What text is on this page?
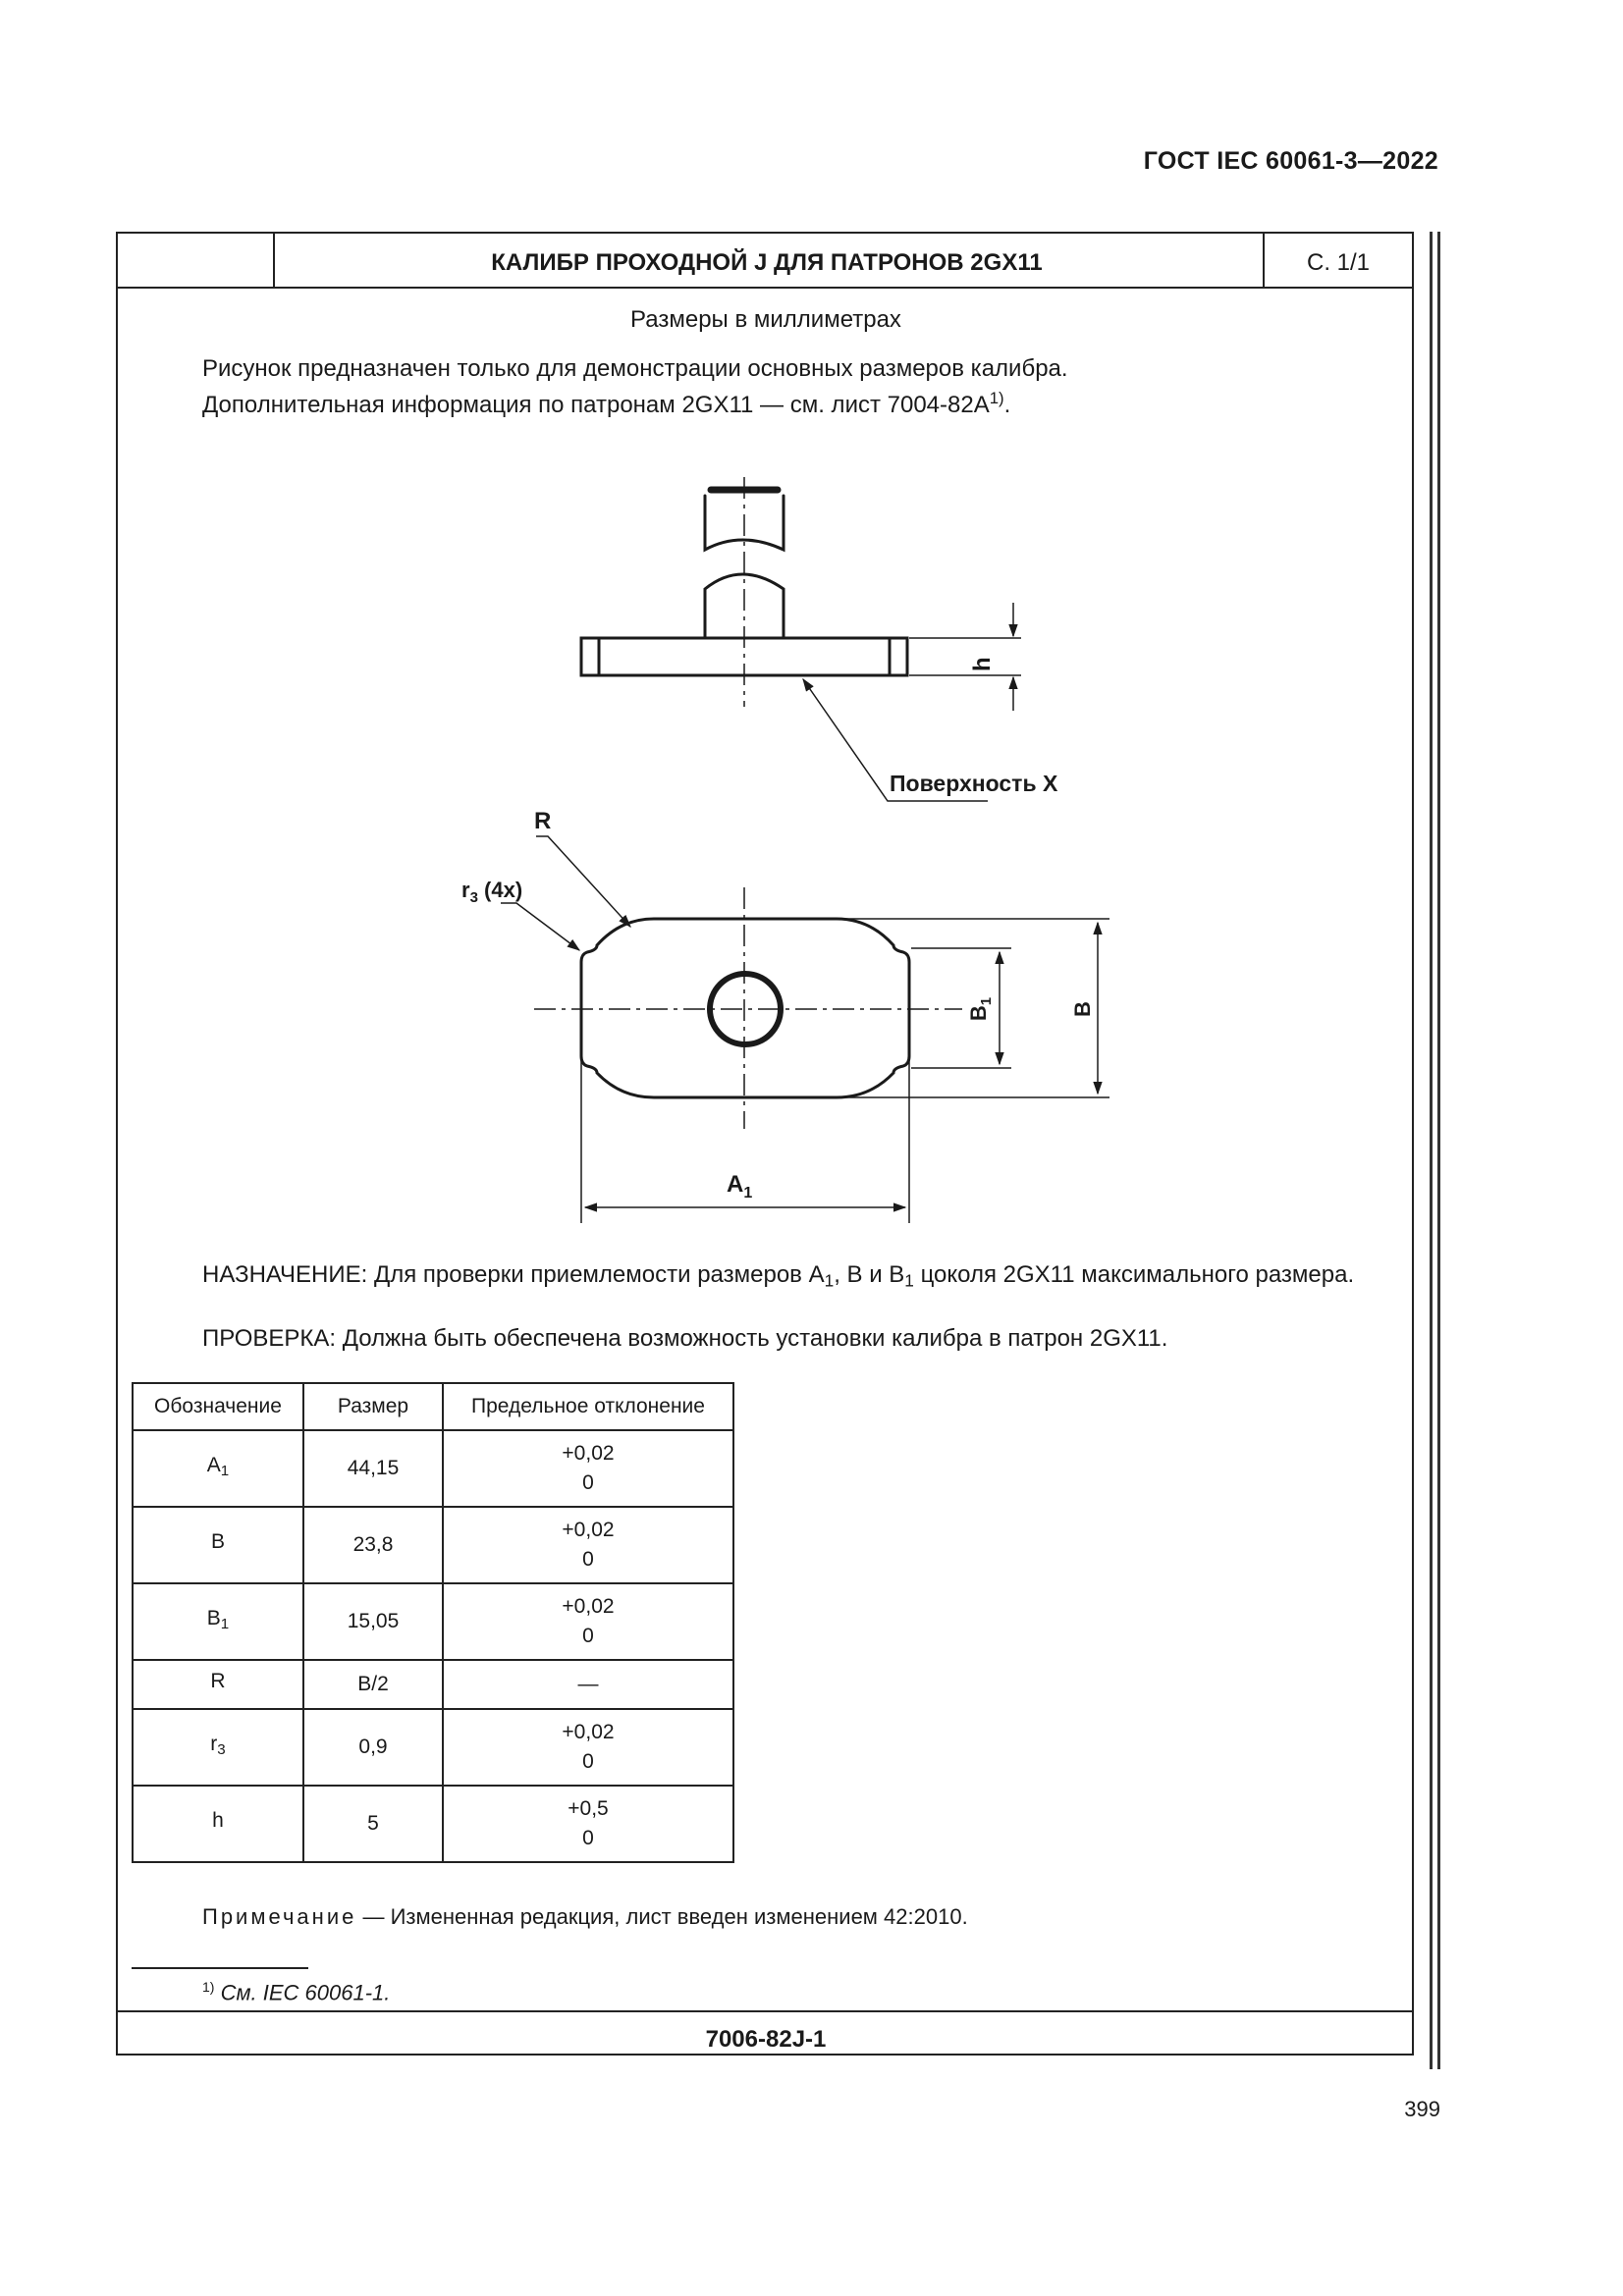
ГОСТ IEC 60061-3—2022
КАЛИБР ПРОХОДНОЙ J ДЛЯ ПАТРОНОВ 2GX11	С. 1/1
Размеры в миллиметрах
Рисунок предназначен только для демонстрации основных размеров калибра.
Дополнительная информация по патронам 2GX11 — см. лист $7004-82A^{1)}$.
h
Поверхность X
R
$r_3$ (4x)
B
$B_1$
$A_1$
НАЗНАЧЕНИЕ: Для проверки приемлемости размеров $A_1$, B и $B_1$ цоколя 2GX11 максимального размера.
ПРОВЕРКА: Должна быть обеспечена возможность установки калибра в патрон 2GX11.
Обозначение	Размер	Предельное отклонение
$A_1$	44,15	+0,02
0

B	23,8	+0,02
0

$B_1$	15,05	+0,02
0

R	B/2	—

$r_3$	0,9	+0,02
0

h	5	+0,5
0
Примечание — Измененная редакция, лист введен изменением 42:2010.
$^{1)}$ См. IEC 60061-1.
7006-82J-1
399
